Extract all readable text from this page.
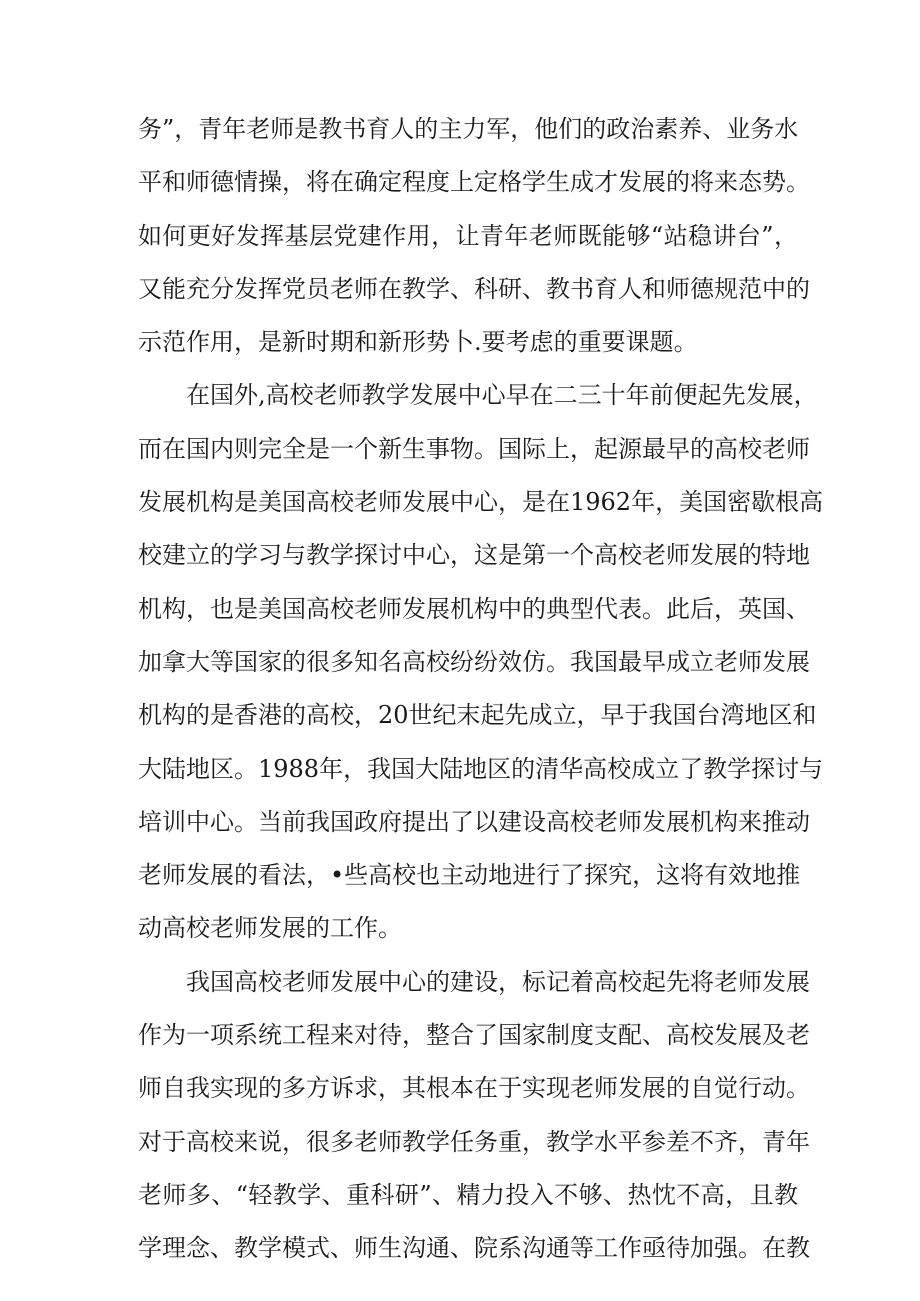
务”，青年老师是教书育人的主力军，他们的政治素养、业务水
平和师德情操，将在确定程度上定格学生成才发展的将来态势。
如何更好发挥基层党建作用，让青年老师既能够“站稳讲台”，
又能充分发挥党员老师在教学、科研、教书育人和师德规范中的
示范作用，是新时期和新形势卜.要考虑的重要课题。
在国外,高校老师教学发展中心早在二三十年前便起先发展，
而在国内则完全是一个新生事物。国际上，起源最早的高校老师
发展机构是美国高校老师发展中心，是在1962年，美国密歇根高
校建立的学习与教学探讨中心，这是第一个高校老师发展的特地
机构，也是美国高校老师发展机构中的典型代表。此后，英国、
加拿大等国家的很多知名高校纷纷效仿。我国最早成立老师发展
机构的是香港的高校，20世纪末起先成立，早于我国台湾地区和
大陆地区。1988年，我国大陆地区的清华高校成立了教学探讨与
培训中心。当前我国政府提出了以建设高校老师发展机构来推动
老师发展的看法，•些高校也主动地进行了探究，这将有效地推
动高校老师发展的工作。
我国高校老师发展中心的建设，标记着高校起先将老师发展
作为一项系统工程来对待，整合了国家制度支配、高校发展及老
师自我实现的多方诉求，其根本在于实现老师发展的自觉行动。
对于高校来说，很多老师教学任务重，教学水平参差不齐，青年
老师多、“轻教学、重科研”、精力投入不够、热忱不高，且教
学理念、教学模式、师生沟通、院系沟通等工作亟待加强。在教
